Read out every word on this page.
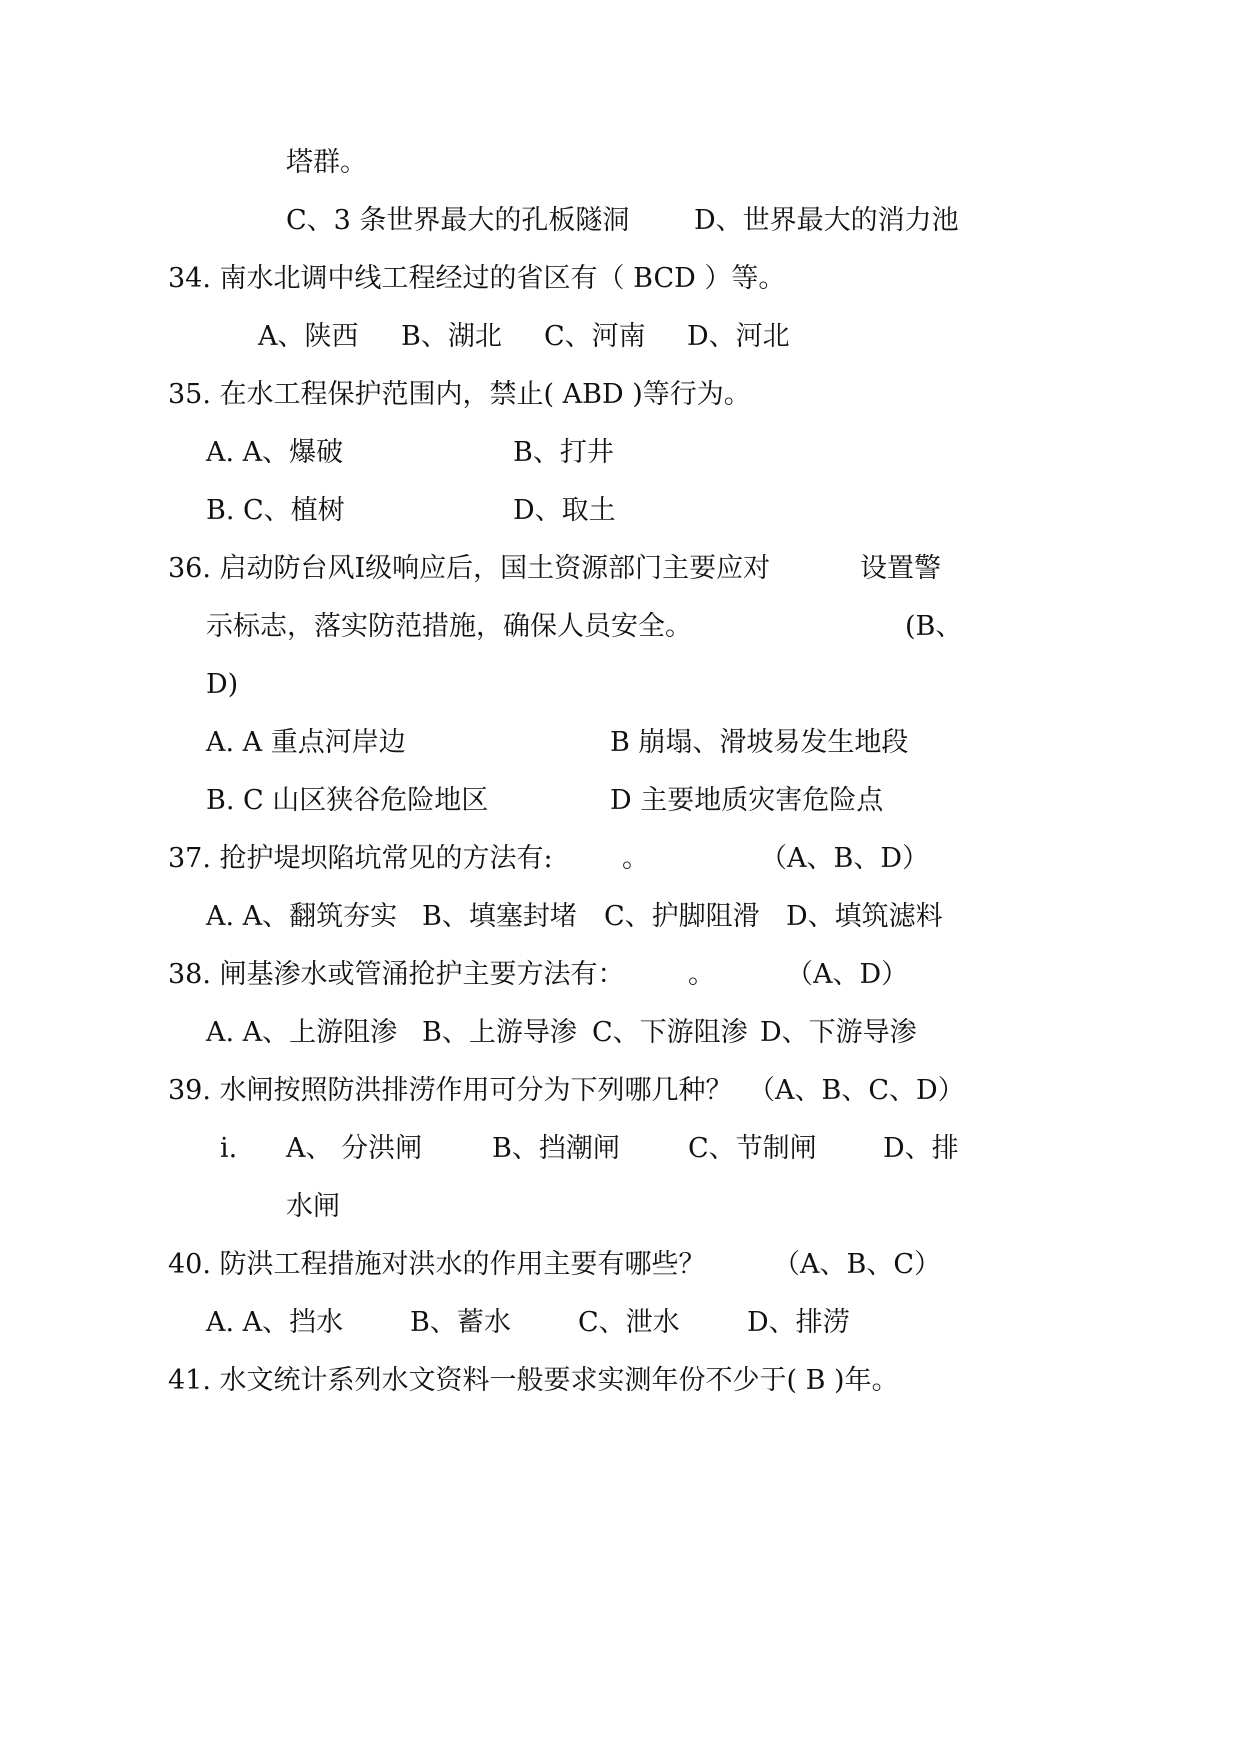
塔群。
C、3 条世界最大的孔板隧洞 D、世界最大的消力池
34. 南水北调中线工程经过的省区有（ BCD ）等。
A、陕西 B、湖北 C、河南 D、河北
35. 在水工程保护范围内，禁止( ABD )等行为。
A. A、爆破	B、打井
B. C、植树	D、取土
36. 启动防台风Ⅰ级响应后，国土资源部门主要应对	设置警
示标志，落实防范措施，确保人员安全。	(B、
D)
A. A 重点河岸边	B 崩塌、滑坡易发生地段
B. C 山区狭谷危险地区	D 主要地质灾害危险点
37. 抢护堤坝陷坑常见的方法有:	。	（A、B、D）
A. A、翻筑夯实 B、填塞封堵 C、护脚阻滑 D、填筑滤料
38. 闸基渗水或管涌抢护主要方法有： 。	（A、D）
A. A、上游阻渗 B、上游导渗 C、下游阻渗 D、下游导渗
39. 水闸按照防洪排涝作用可分为下列哪几种？ （A、B、C、D）
i. A、 分洪闸	B、挡潮闸	C、节制闸 D、排
水闸
40. 防洪工程措施对洪水的作用主要有哪些？ （A、B、C）
A. A、挡水 B、蓄水 C、泄水 D、排涝
41. 水文统计系列水文资料一般要求实测年份不少于( B )年。
